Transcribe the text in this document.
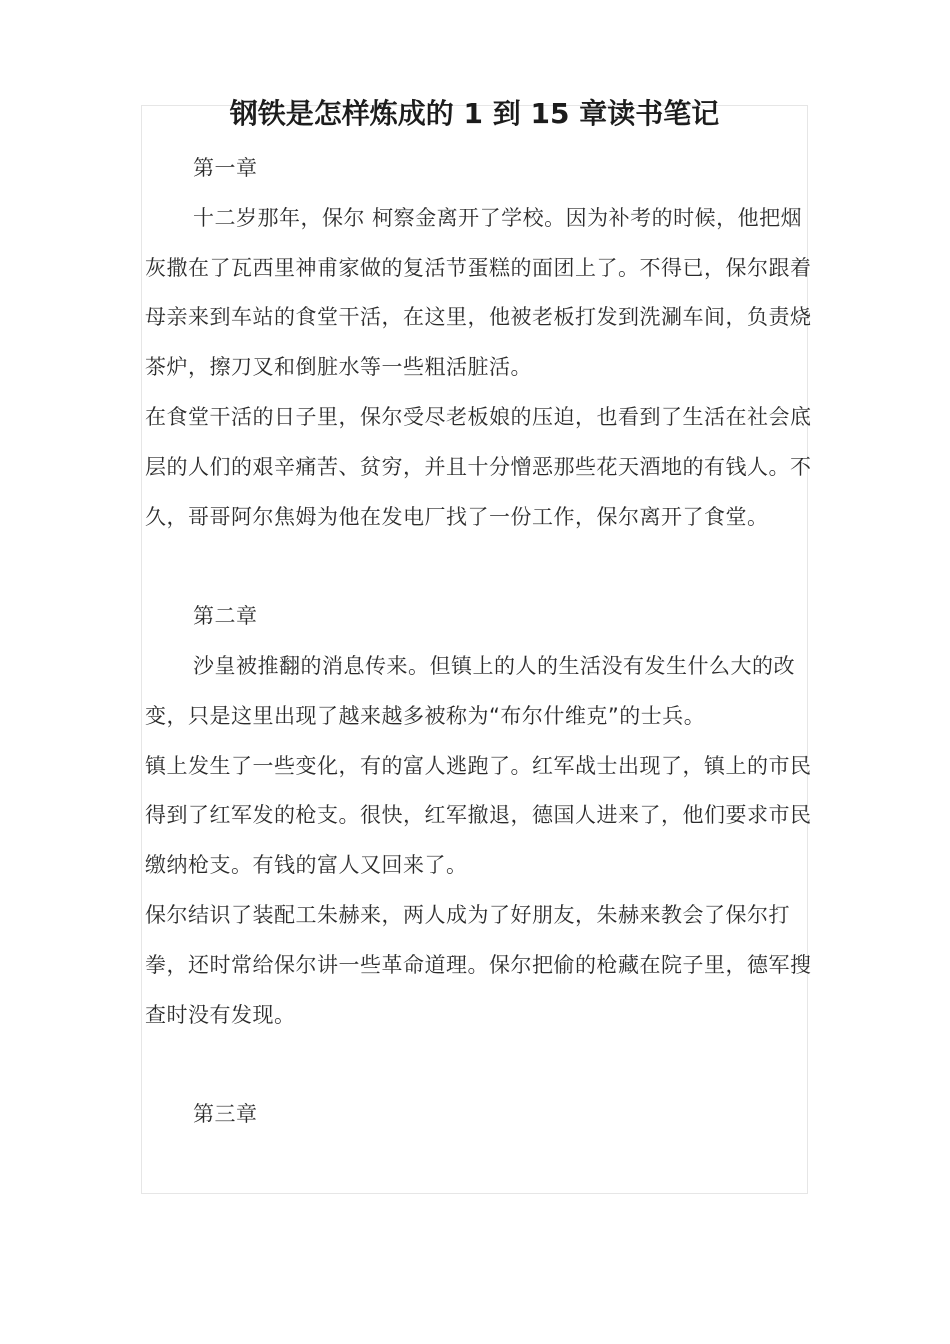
钢铁是怎样炼成的 1 到 15 章读书笔记

第一章

十二岁那年，保尔 柯察金离开了学校。因为补考的时候，他把烟灰撒在了瓦西里神甫家做的复活节蛋糕的面团上了。不得已，保尔跟着母亲来到车站的食堂干活，在这里，他被老板打发到洗涮车间，负责烧茶炉，擦刀叉和倒脏水等一些粗活脏活。

在食堂干活的日子里，保尔受尽老板娘的压迫，也看到了生活在社会底层的人们的艰辛痛苦、贫穷，并且十分憎恶那些花天酒地的有钱人。不久，哥哥阿尔焦姆为他在发电厂找了一份工作，保尔离开了食堂。

第二章

沙皇被推翻的消息传来。但镇上的人的生活没有发生什么大的改变，只是这里出现了越来越多被称为“布尔什维克”的士兵。

镇上发生了一些变化，有的富人逃跑了。红军战士出现了，镇上的市民得到了红军发的枪支。很快，红军撤退，德国人进来了，他们要求市民缴纳枪支。有钱的富人又回来了。

保尔结识了装配工朱赫来，两人成为了好朋友，朱赫来教会了保尔打拳，还时常给保尔讲一些革命道理。保尔把偷的枪藏在院子里，德军搜查时没有发现。

第三章
